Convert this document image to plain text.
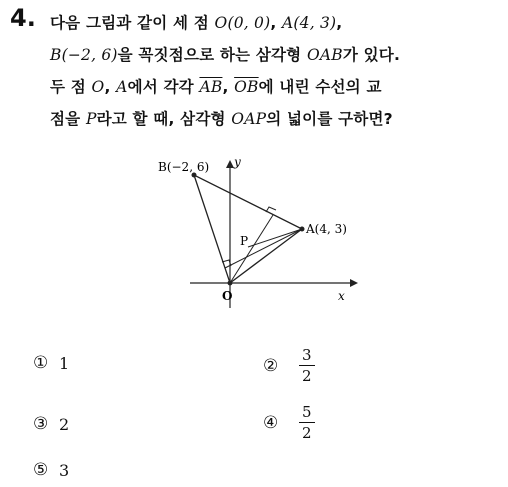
4. 다음 그림과 같이 세 점 O(0, 0), A(4, 3),
B(−2, 6)을 꼭짓점으로 하는 삼각형 OAB가 있다.
두 점 O, A에서 각각 $\overline{AB}$, $\overline{OB}$에 내린 수선의 교
점을 P라고 할 때, 삼각형 OAP의 넓이를 구하면?
B(−2, 6) y
A(4, 3)
P
O	x
① 1	②	$\frac{3}{2}$
③ 2	④	$\frac{5}{2}$
⑤ 3
